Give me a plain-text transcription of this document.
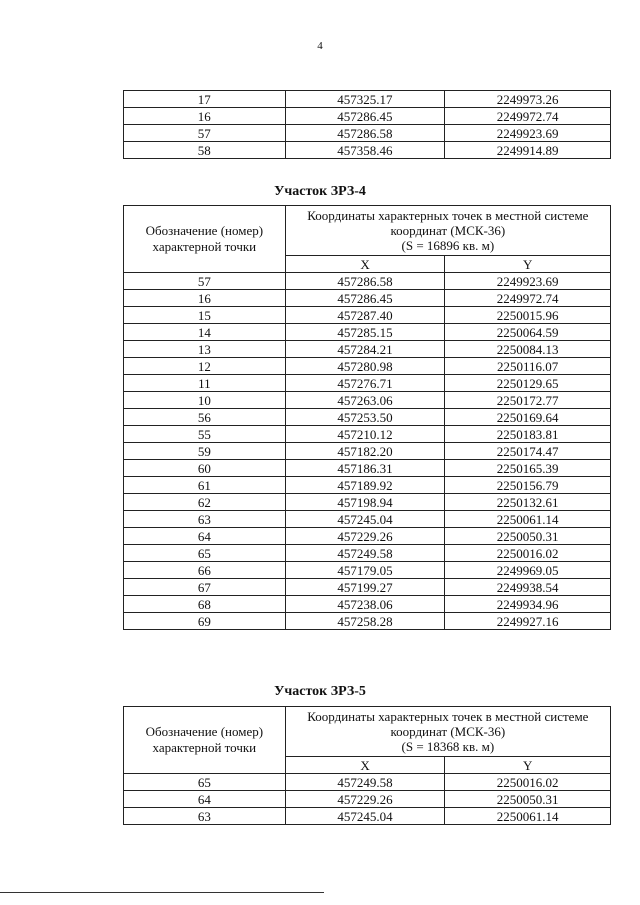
4
17	457325.17	2249973.26
16	457286.45	2249972.74
57	457286.58	2249923.69
58	457358.46	2249914.89
Участок ЗРЗ-4
Обозначение (номер) характерной точки	Координаты характерных точек в местной системе координат (МСК-36)
(S = 16896 кв. м)	
	X	Y
57	457286.58	2249923.69
16	457286.45	2249972.74
15	457287.40	2250015.96
14	457285.15	2250064.59
13	457284.21	2250084.13
12	457280.98	2250116.07
11	457276.71	2250129.65
10	457263.06	2250172.77
56	457253.50	2250169.64
55	457210.12	2250183.81
59	457182.20	2250174.47
60	457186.31	2250165.39
61	457189.92	2250156.79
62	457198.94	2250132.61
63	457245.04	2250061.14
64	457229.26	2250050.31
65	457249.58	2250016.02
66	457179.05	2249969.05
67	457199.27	2249938.54
68	457238.06	2249934.96
69	457258.28	2249927.16
Участок ЗРЗ-5
Обозначение (номер) характерной точки	Координаты характерных точек в местной системе координат (МСК-36)
(S = 18368 кв. м)	
	X	Y
65	457249.58	2250016.02
64	457229.26	2250050.31
63	457245.04	2250061.14
